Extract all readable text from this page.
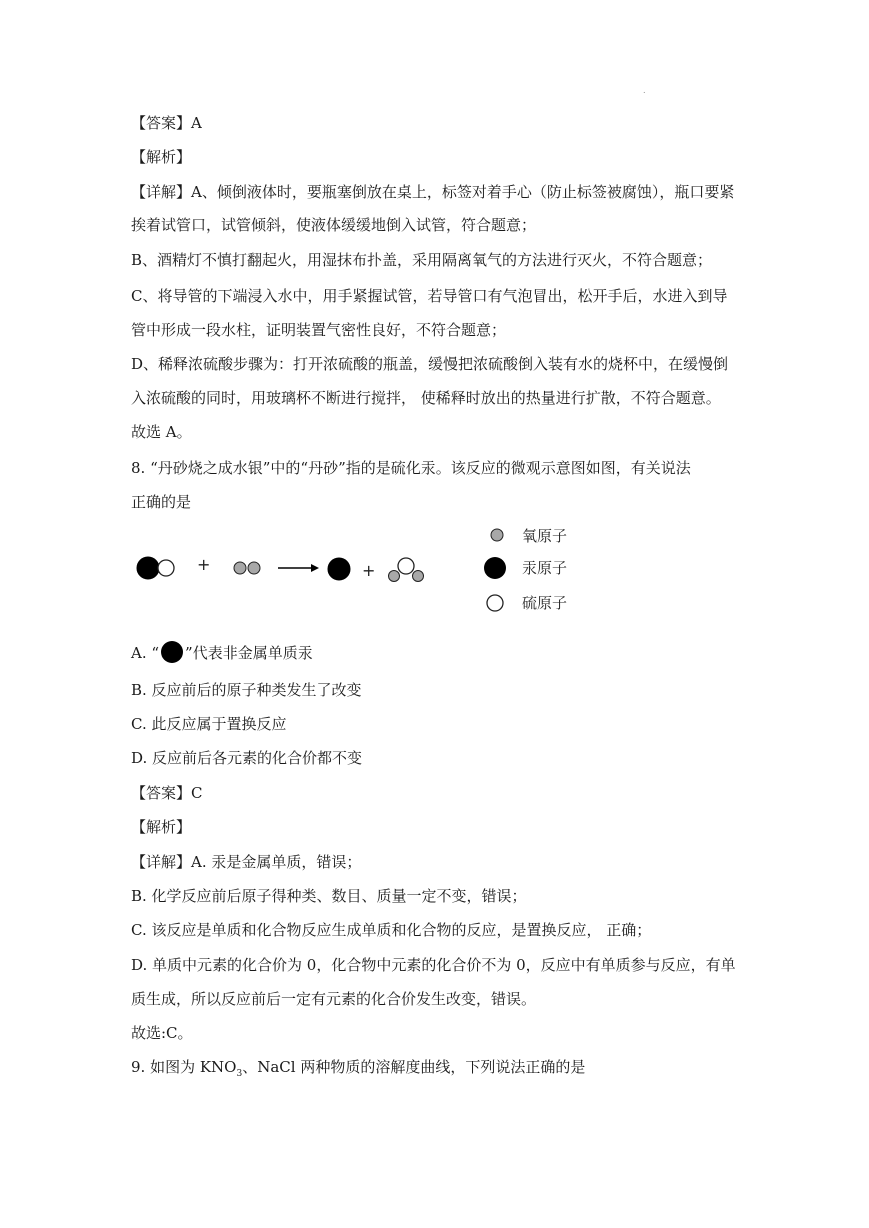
.
【答案】A
【解析】
【详解】A、倾倒液体时，要瓶塞倒放在桌上，标签对着手心（防止标签被腐蚀），瓶口要紧
挨着试管口，试管倾斜，使液体缓缓地倒入试管，符合题意；
B、酒精灯不慎打翻起火，用湿抹布扑盖，采用隔离氧气的方法进行灭火，不符合题意；
C、将导管的下端浸入水中，用手紧握试管，若导管口有气泡冒出，松开手后，水进入到导
管中形成一段水柱，证明装置气密性良好，不符合题意；
D、稀释浓硫酸步骤为：打开浓硫酸的瓶盖，缓慢把浓硫酸倒入装有水的烧杯中，在缓慢倒
入浓硫酸的同时，用玻璃杯不断进行搅拌， 使稀释时放出的热量进行扩散，不符合题意。
故选 A。
8. “丹砂烧之成水银”中的“丹砂”指的是硫化汞。该反应的微观示意图如图，有关说法
正确的是
+	+
氧原子
汞原子
硫原子
A. “ ”代表非金属单质汞
B. 反应前后的原子种类发生了改变
C. 此反应属于置换反应
D. 反应前后各元素的化合价都不变
【答案】C
【解析】
【详解】A. 汞是金属单质，错误；
B. 化学反应前后原子得种类、数目、质量一定不变，错误；
C. 该反应是单质和化合物反应生成单质和化合物的反应，是置换反应， 正确；
D. 单质中元素的化合价为 0，化合物中元素的化合价不为 0，反应中有单质参与反应，有单
质生成，所以反应前后一定有元素的化合价发生改变，错误。
故选:C。
9. 如图为 $KNO_3$、NaCl 两种物质的溶解度曲线，下列说法正确的是
